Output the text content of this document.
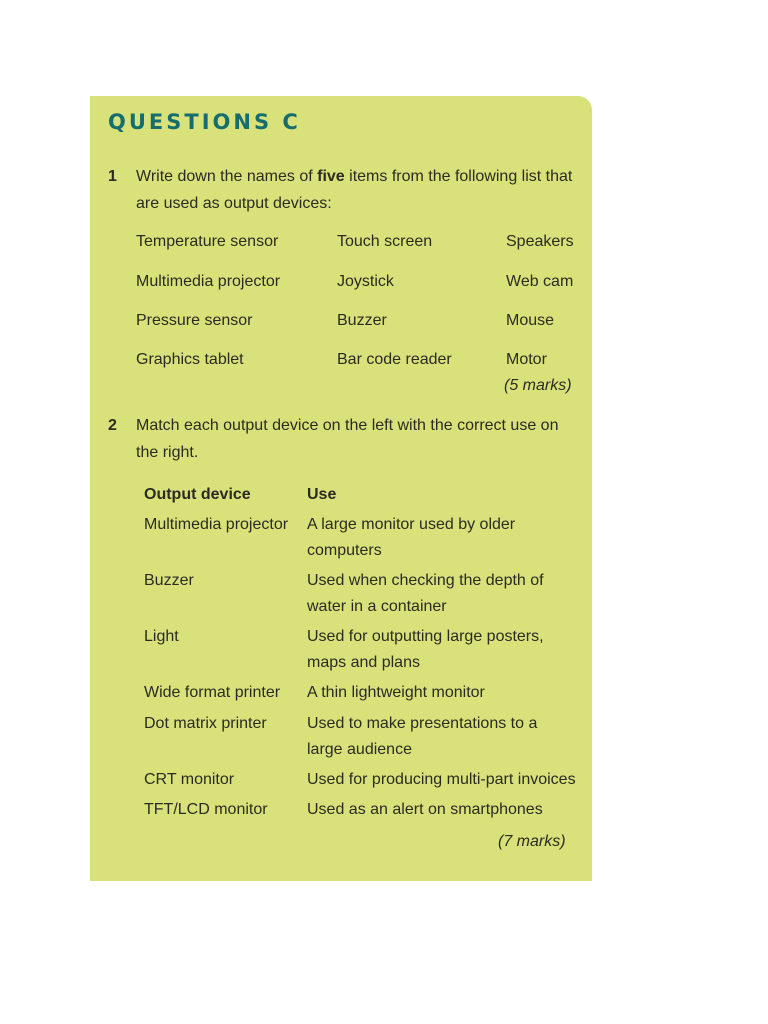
QUESTIONS C
1 Write down the names of five items from the following list that are used as output devices:
Temperature sensor	Touch screen	Speakers
Multimedia projector	Joystick	Web cam
Pressure sensor	Buzzer	Mouse
Graphics tablet	Bar code reader	Motor
(5 marks)
2 Match each output device on the left with the correct use on the right.
Output device	Use
Multimedia projector	A large monitor used by older computers
Buzzer	Used when checking the depth of water in a container
Light	Used for outputting large posters, maps and plans
Wide format printer	A thin lightweight monitor
Dot matrix printer	Used to make presentations to a large audience
CRT monitor	Used for producing multi-part invoices
TFT/LCD monitor	Used as an alert on smartphones
(7 marks)
